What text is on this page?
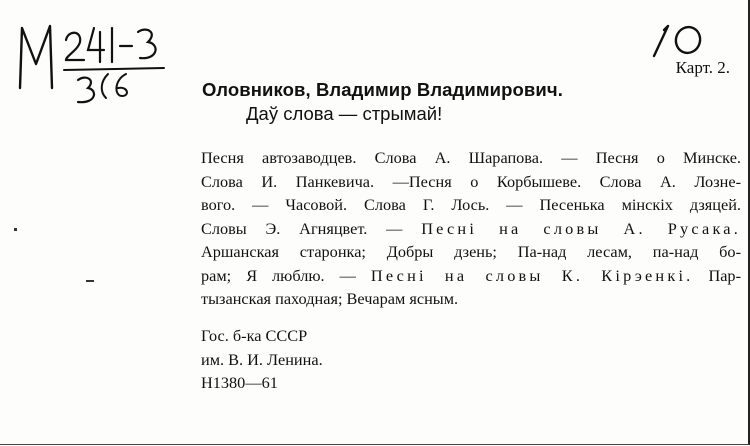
Карт. 2.
Оловников, Владимир Владимирович.
Даў слова — стрымай!
Песня автозаводцев. Слова А. Шарапова. — Песня о Минске.
Слова И. Панкевича. —Песня о Корбышеве. Слова А. Лозне-
вого. — Часовой. Слова Г. Лось. — Песенька мінскіх дзяцей.
Словы Э. Агняцвет. — Песні на словы А. Русака.
Аршанская старонка; Добры дзень; Па-над лесам, па-над бо-
рам; Я люблю. — Песні на словы К. Кірэенкі. Пар-
тызанская паходная; Вечарам ясным.
Гос. б-ка СССР
им. В. И. Ленина.
Н1380—61
